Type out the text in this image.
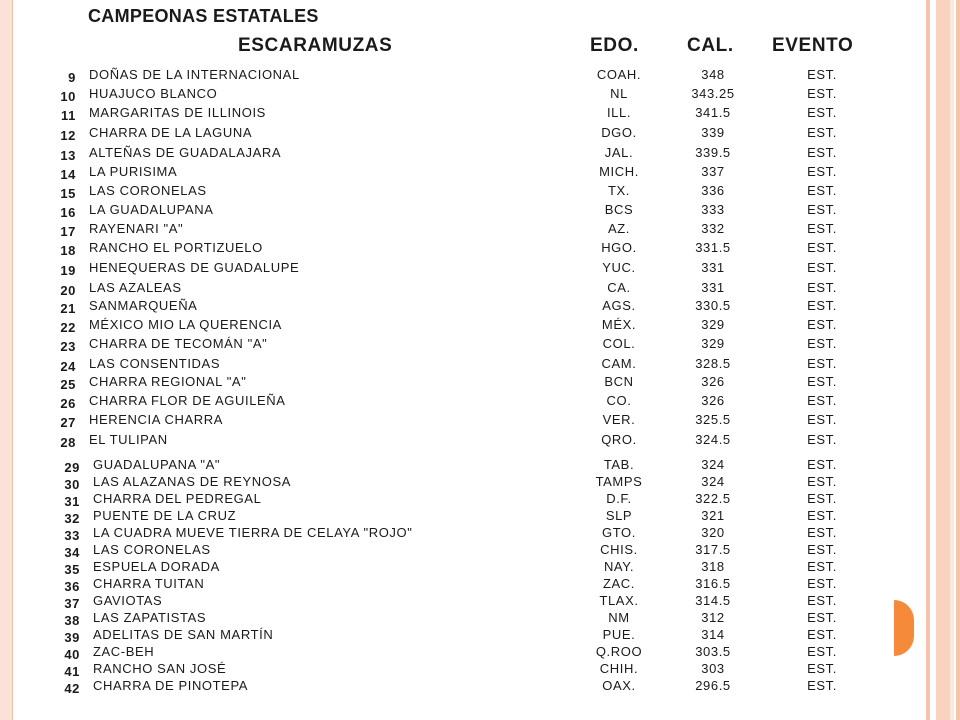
CAMPEONAS ESTATALES
ESCARAMUZAS	EDO.	CAL. EVENTO
9 DOÑAS DE LA INTERNACIONAL	COAH.	348	EST.
10 HUAJUCO BLANCO	NL	343.25	EST.
11 MARGARITAS DE ILLINOIS	ILL.	341.5	EST.
12 CHARRA DE LA LAGUNA	DGO.	339	EST.
13 ALTEÑAS DE GUADALAJARA	JAL.	339.5	EST.
14 LA PURISIMA	MICH.	337	EST.
15 LAS CORONELAS	TX.	336	EST.
16 LA GUADALUPANA	BCS	333	EST.
17 RAYENARI "A"	AZ.	332	EST.
18 RANCHO EL PORTIZUELO	HGO.	331.5	EST.
19 HENEQUERAS DE GUADALUPE	YUC.	331	EST.
20 LAS AZALEAS	CA.	331	EST.
21 SANMARQUEÑA	AGS.	330.5	EST.
22 MÉXICO MIO LA QUERENCIA	MÉX.	329	EST.
23 CHARRA DE TECOMÁN "A"	COL.	329	EST.
24 LAS CONSENTIDAS	CAM.	328.5	EST.
25 CHARRA REGIONAL "A"	BCN	326	EST.
26 CHARRA FLOR DE AGUILEÑA	CO.	326	EST.
27 HERENCIA CHARRA	VER.	325.5	EST.
28 EL TULIPAN	QRO.	324.5	EST.
29 GUADALUPANA "A"	TAB.	324	EST.
30 LAS ALAZANAS DE REYNOSA	TAMPS	324	EST.
31 CHARRA DEL PEDREGAL	D.F.	322.5	EST.
32 PUENTE DE LA CRUZ	SLP	321	EST.
33 LA CUADRA MUEVE TIERRA DE CELAYA "ROJO"	GTO.	320	EST.
34 LAS CORONELAS	CHIS.	317.5	EST.
35 ESPUELA DORADA	NAY.	318	EST.
36 CHARRA TUITAN	ZAC.	316.5	EST.
37 GAVIOTAS	TLAX.	314.5	EST.
38 LAS ZAPATISTAS	NM	312	EST.
39 ADELITAS DE SAN MARTÍN	PUE.	314	EST.
40 ZAC-BEH	Q.ROO	303.5	EST.
41 RANCHO SAN JOSÉ	CHIH.	303	EST.
42 CHARRA DE PINOTEPA	OAX.	296.5	EST.
